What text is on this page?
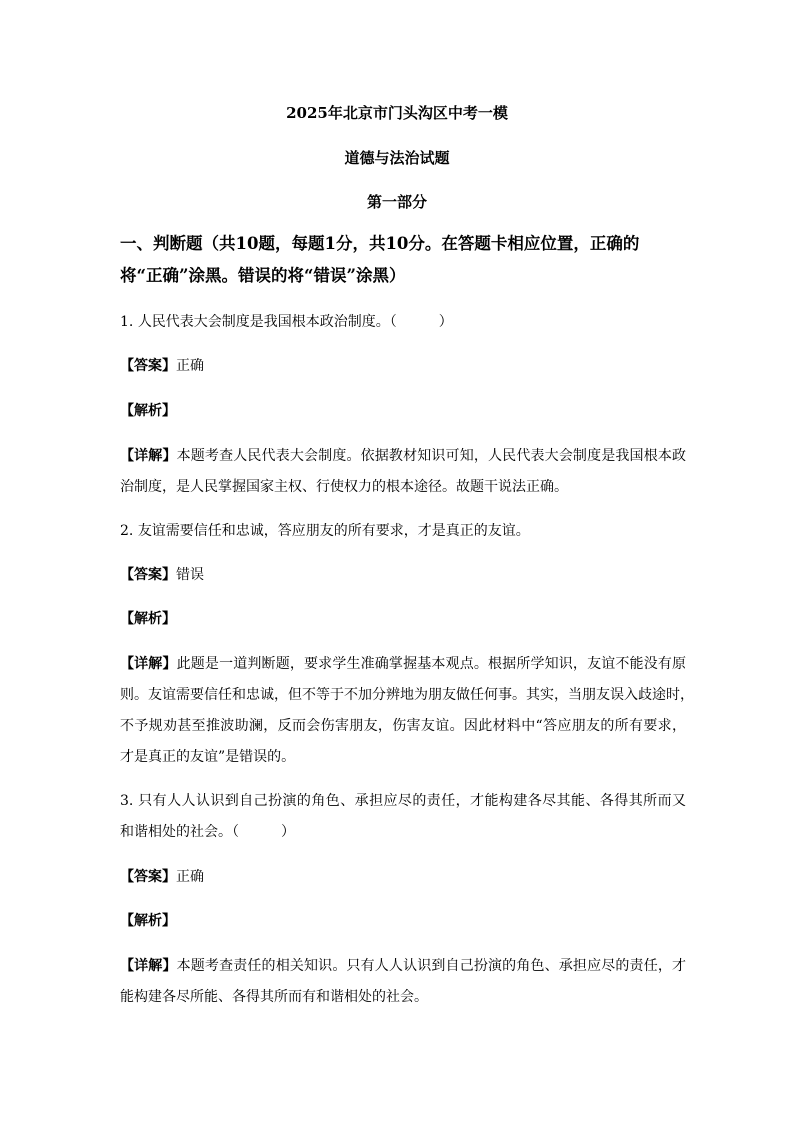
2025年北京市门头沟区中考一模
道德与法治试题
第一部分
一、判断题（共10题，每题1分，共10分。在答题卡相应位置，正确的将“正确”涂黑。错误的将“错误”涂黑）
1. 人民代表大会制度是我国根本政治制度。（　　　）
【答案】正确
【解析】
【详解】本题考查人民代表大会制度。依据教材知识可知，人民代表大会制度是我国根本政
治制度，是人民掌握国家主权、行使权力的根本途径。故题干说法正确。
2. 友谊需要信任和忠诚，答应朋友的所有要求，才是真正的友谊。
【答案】错误
【解析】
【详解】此题是一道判断题，要求学生准确掌握基本观点。根据所学知识，友谊不能没有原
则。友谊需要信任和忠诚，但不等于不加分辨地为朋友做任何事。其实，当朋友误入歧途时，
不予规劝甚至推波助澜，反而会伤害朋友，伤害友谊。因此材料中“答应朋友的所有要求，
才是真正的友谊”是错误的。
3. 只有人人认识到自己扮演的角色、承担应尽的责任，才能构建各尽其能、各得其所而又
和谐相处的社会。（　　　）
【答案】正确
【解析】
【详解】本题考查责任的相关知识。只有人人认识到自己扮演的角色、承担应尽的责任，才
能构建各尽所能、各得其所而有和谐相处的社会。
